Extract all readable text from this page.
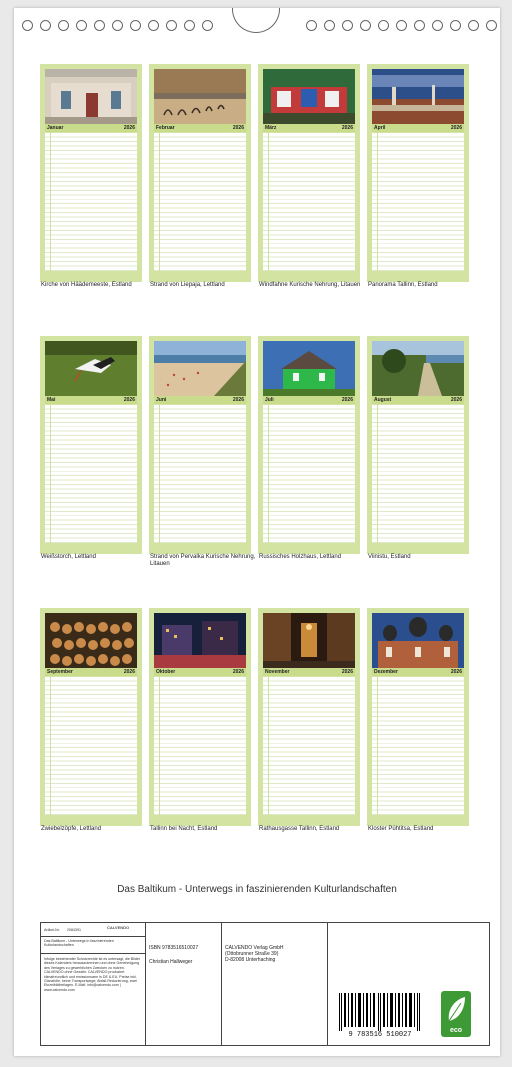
Januar	2026	Februar	2026	März	2026	April	2026
Kirche von Häädemeeste, Estland	Strand von Liepaja, Lettland	Windfahne Kurische Nehrung, Litauen	Panorama Tallinn, Estland
Mai	2026	Juni	2026	Juli	2026	August	2026
Weißstorch, Lettland	Strand von Pervalka Kurische Nehrung, Litauen
Russisches Holzhaus, Lettland	Viinistu, Estland
September	2026	Oktober	2026	November	2026	Dezember	2026
Zwiebelzöpfe, Lettland	Tallinn bei Nacht, Estland	Rathausgasse Tallinn, Estland	Kloster Pühtitsa, Estland
Das Baltikum - Unterwegs in faszinierenden Kulturlandschaften
Artikel-Nr. 2084391	CALVENDO
Das Baltikum - Unterwegs in faszinierenden Kulturlandschaften
Infolge bestehender Schutzrechte ist es untersagt, die Bilder dieses Kalenders herauszutrennen und ohne Genehmigung des Verlages zu gewerblichen Zwecken zu nutzen. CALVENDO ohne Gewähr. CALVENDO produziert klimafreundlich und emissionsarm in DE & EU. Preise inkl. Glanzfolie, keine Transportwege; Abfall-Reduzierung, zwei Einzelbildbeilagen. E-Mail: info@calvendo.com | www.calvendo.com
ISBN 9783516510027
Christian Hallweger
CALVENDO Verlag GmbH
(Ottobrunner Straße 39)
D-82008 Unterhaching
9 783516 510027
eco
